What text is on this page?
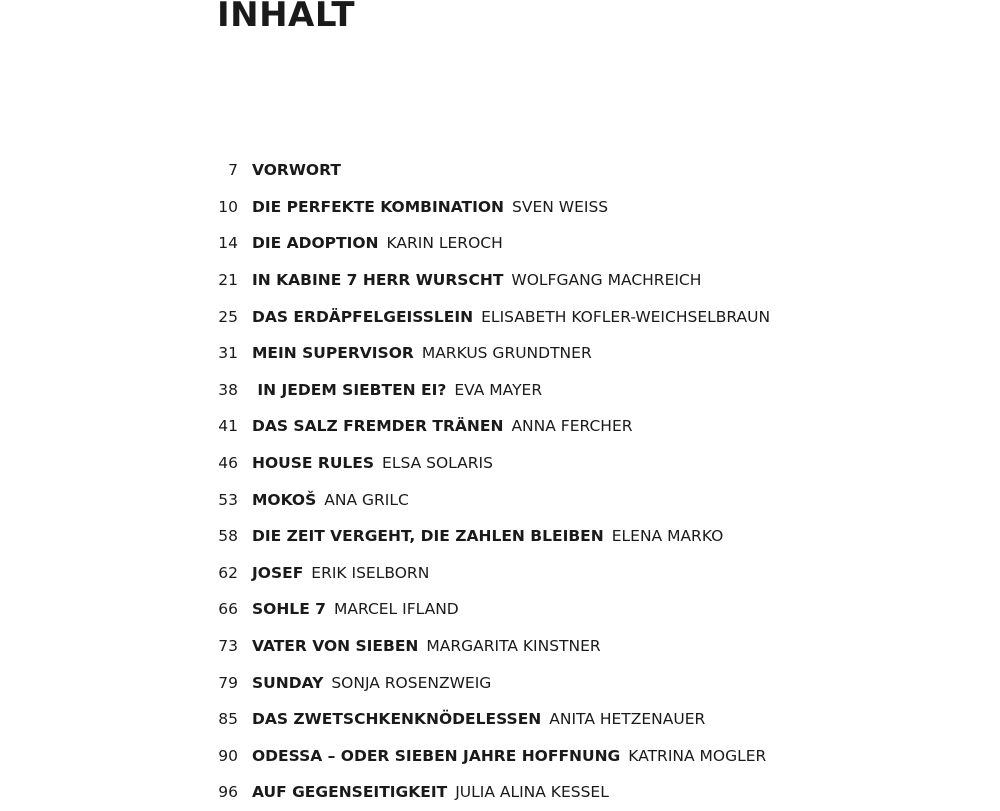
INHALT
7 VORWORT
10 DIE PERFEKTE KOMBINATION SVEN WEISS
14 DIE ADOPTION KARIN LEROCH
21 IN KABINE 7 HERR WURSCHT WOLFGANG MACHREICH
25 DAS ERDÄPFELGEISSLEIN ELISABETH KOFLER-WEICHSELBRAUN
31 MEIN SUPERVISOR MARKUS GRUNDTNER
38 IN JEDEM SIEBTEN EI? EVA MAYER
41 DAS SALZ FREMDER TRÄNEN ANNA FERCHER
46 HOUSE RULES ELSA SOLARIS
53 MOKOŠ ANA GRILC
58 DIE ZEIT VERGEHT, DIE ZAHLEN BLEIBEN ELENA MARKO
62 JOSEF ERIK ISELBORN
66 SOHLE 7 MARCEL IFLAND
73 VATER VON SIEBEN MARGARITA KINSTNER
79 SUNDAY SONJA ROSENZWEIG
85 DAS ZWETSCHKENKNÖDELESSEN ANITA HETZENAUER
90 ODESSA – ODER SIEBEN JAHRE HOFFNUNG KATRINA MOGLER
96 AUF GEGENSEITIGKEIT JULIA ALINA KESSEL
